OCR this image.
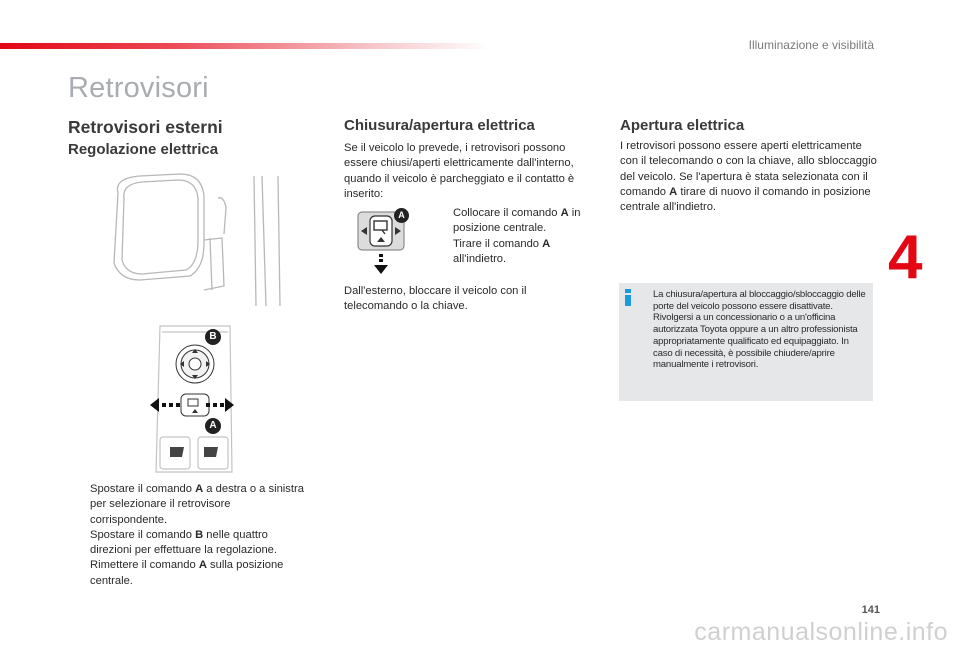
Illuminazione e visibilità
Retrovisori
Retrovisori esterni
Regolazione elettrica
B
A
Spostare il comando A a destra o a sinistra per selezionare il retrovisore corrispondente.
Spostare il comando B nelle quattro direzioni per effettuare la regolazione.
Rimettere il comando A sulla posizione centrale.
Chiusura/apertura elettrica
Se il veicolo lo prevede, i retrovisori possono essere chiusi/aperti elettricamente dall'interno, quando il veicolo è parcheggiato e il contatto è inserito:
A	Collocare il comando A in posizione centrale.
Tirare il comando A all'indietro.
Dall'esterno, bloccare il veicolo con il telecomando o la chiave.
Apertura elettrica
I retrovisori possono essere aperti elettricamente con il telecomando o con la chiave, allo sbloccaggio del veicolo. Se l'apertura è stata selezionata con il comando A tirare di nuovo il comando in posizione centrale all'indietro.
La chiusura/apertura al bloccaggio/sbloccaggio delle porte del veicolo possono essere disattivate. Rivolgersi a un concessionario o a un'officina autorizzata Toyota oppure a un altro professionista appropriatamente qualificato ed equipaggiato. In caso di necessità, è possibile chiudere/aprire manualmente i retrovisori.
4
141
carmanualsonline.info
